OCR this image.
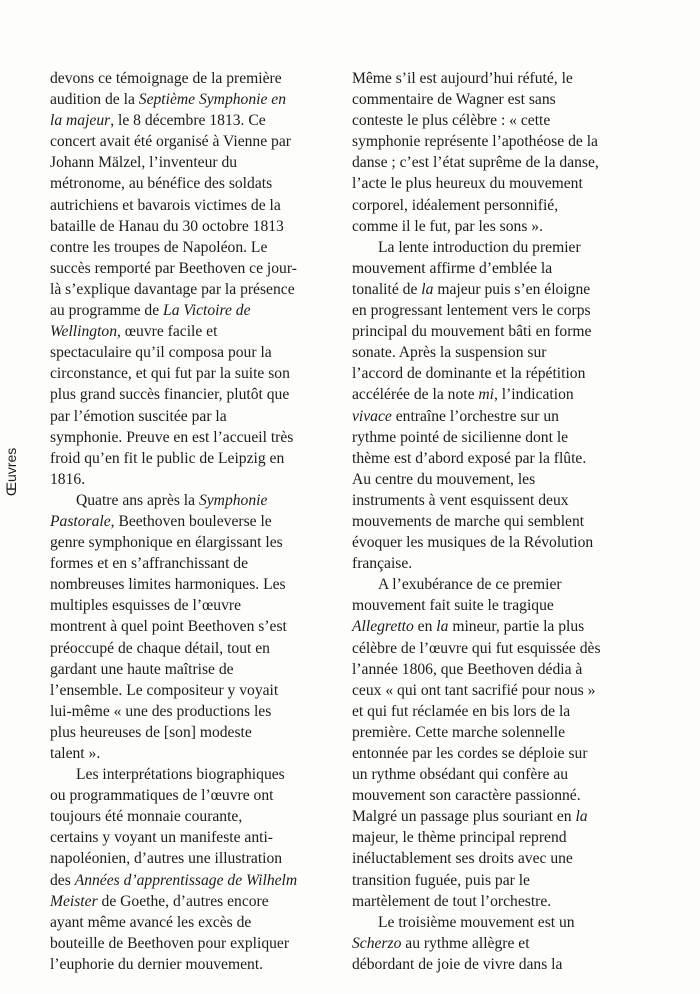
Œuvres
devons ce témoignage de la première
audition de la Septième Symphonie en
la majeur, le 8 décembre 1813. Ce
concert avait été organisé à Vienne par
Johann Mälzel, l’inventeur du
métronome, au bénéfice des soldats
autrichiens et bavarois victimes de la
bataille de Hanau du 30 octobre 1813
contre les troupes de Napoléon. Le
succès remporté par Beethoven ce jour-
là s’explique davantage par la présence
au programme de La Victoire de
Wellington, œuvre facile et
spectaculaire qu’il composa pour la
circonstance, et qui fut par la suite son
plus grand succès financier, plutôt que
par l’émotion suscitée par la
symphonie. Preuve en est l’accueil très
froid qu’en fit le public de Leipzig en
1816.
Quatre ans après la Symphonie
Pastorale, Beethoven bouleverse le
genre symphonique en élargissant les
formes et en s’affranchissant de
nombreuses limites harmoniques. Les
multiples esquisses de l’œuvre
montrent à quel point Beethoven s’est
préoccupé de chaque détail, tout en
gardant une haute maîtrise de
l’ensemble. Le compositeur y voyait
lui-même « une des productions les
plus heureuses de [son] modeste
talent ».
Les interprétations biographiques
ou programmatiques de l’œuvre ont
toujours été monnaie courante,
certains y voyant un manifeste anti-
napoléonien, d’autres une illustration
des Années d’apprentissage de Wilhelm
Meister de Goethe, d’autres encore
ayant même avancé les excès de
bouteille de Beethoven pour expliquer
l’euphorie du dernier mouvement.
Même s’il est aujourd’hui réfuté, le
commentaire de Wagner est sans
conteste le plus célèbre : « cette
symphonie représente l’apothéose de la
danse ; c’est l’état suprême de la danse,
l’acte le plus heureux du mouvement
corporel, idéalement personnifié,
comme il le fut, par les sons ».
La lente introduction du premier
mouvement affirme d’emblée la
tonalité de la majeur puis s’en éloigne
en progressant lentement vers le corps
principal du mouvement bâti en forme
sonate. Après la suspension sur
l’accord de dominante et la répétition
accélérée de la note mi, l’indication
vivace entraîne l’orchestre sur un
rythme pointé de sicilienne dont le
thème est d’abord exposé par la flûte.
Au centre du mouvement, les
instruments à vent esquissent deux
mouvements de marche qui semblent
évoquer les musiques de la Révolution
française.
A l’exubérance de ce premier
mouvement fait suite le tragique
Allegretto en la mineur, partie la plus
célèbre de l’œuvre qui fut esquissée dès
l’année 1806, que Beethoven dédia à
ceux « qui ont tant sacrifié pour nous »
et qui fut réclamée en bis lors de la
première. Cette marche solennelle
entonnée par les cordes se déploie sur
un rythme obsédant qui confère au
mouvement son caractère passionné.
Malgré un passage plus souriant en la
majeur, le thème principal reprend
inéluctablement ses droits avec une
transition fuguée, puis par le
martèlement de tout l’orchestre.
Le troisième mouvement est un
Scherzo au rythme allègre et
débordant de joie de vivre dans la
